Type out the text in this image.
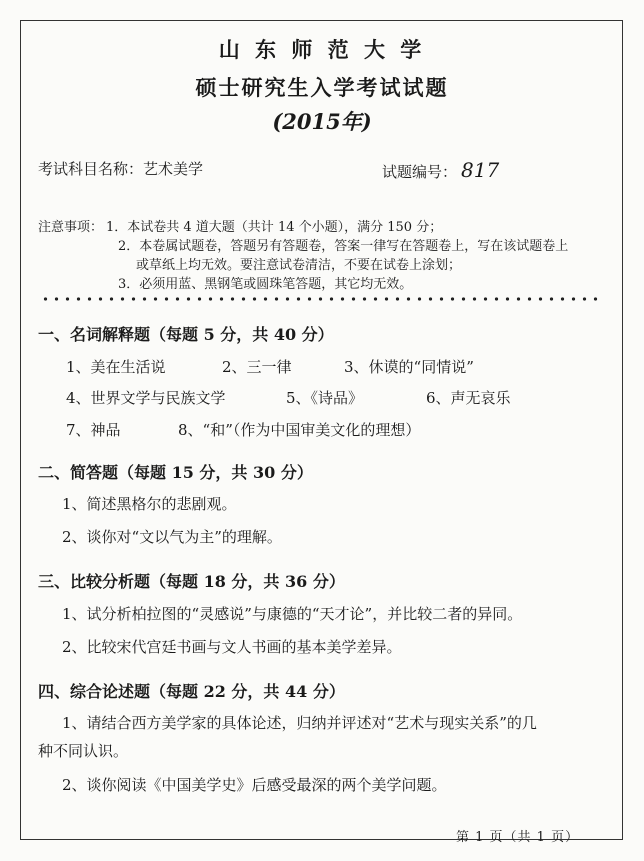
山 东 师 范 大 学
硕士研究生入学考试试题
(2015年)
考试科目名称：艺术美学	试题编号： 817
注意事项： 1．本试卷共 4 道大题（共计 14 个小题），满分 150 分；
2．本卷属试题卷，答题另有答题卷，答案一律写在答题卷上，写在该试题卷上
或草纸上均无效。要注意试卷清洁，不要在试卷上涂划；
3．必须用蓝、黑钢笔或圆珠笔答题，其它均无效。
一、名词解释题（每题 5 分，共 40 分）
1、美在生活说	2、三一律	3、休谟的“同情说”
4、世界文学与民族文学	5、《诗品》	6、声无哀乐
7、神品	8、“和”（作为中国审美文化的理想）
二、简答题（每题 15 分，共 30 分）
1、简述黑格尔的悲剧观。
2、谈你对“文以气为主”的理解。
三、比较分析题（每题 18 分，共 36 分）
1、试分析柏拉图的“灵感说”与康德的“天才论”，并比较二者的异同。
2、比较宋代宫廷书画与文人书画的基本美学差异。
四、综合论述题（每题 22 分，共 44 分）
1、请结合西方美学家的具体论述，归纳并评述对“艺术与现实关系”的几
种不同认识。
2、谈你阅读《中国美学史》后感受最深的两个美学问题。
第 1 页（共 1 页）
